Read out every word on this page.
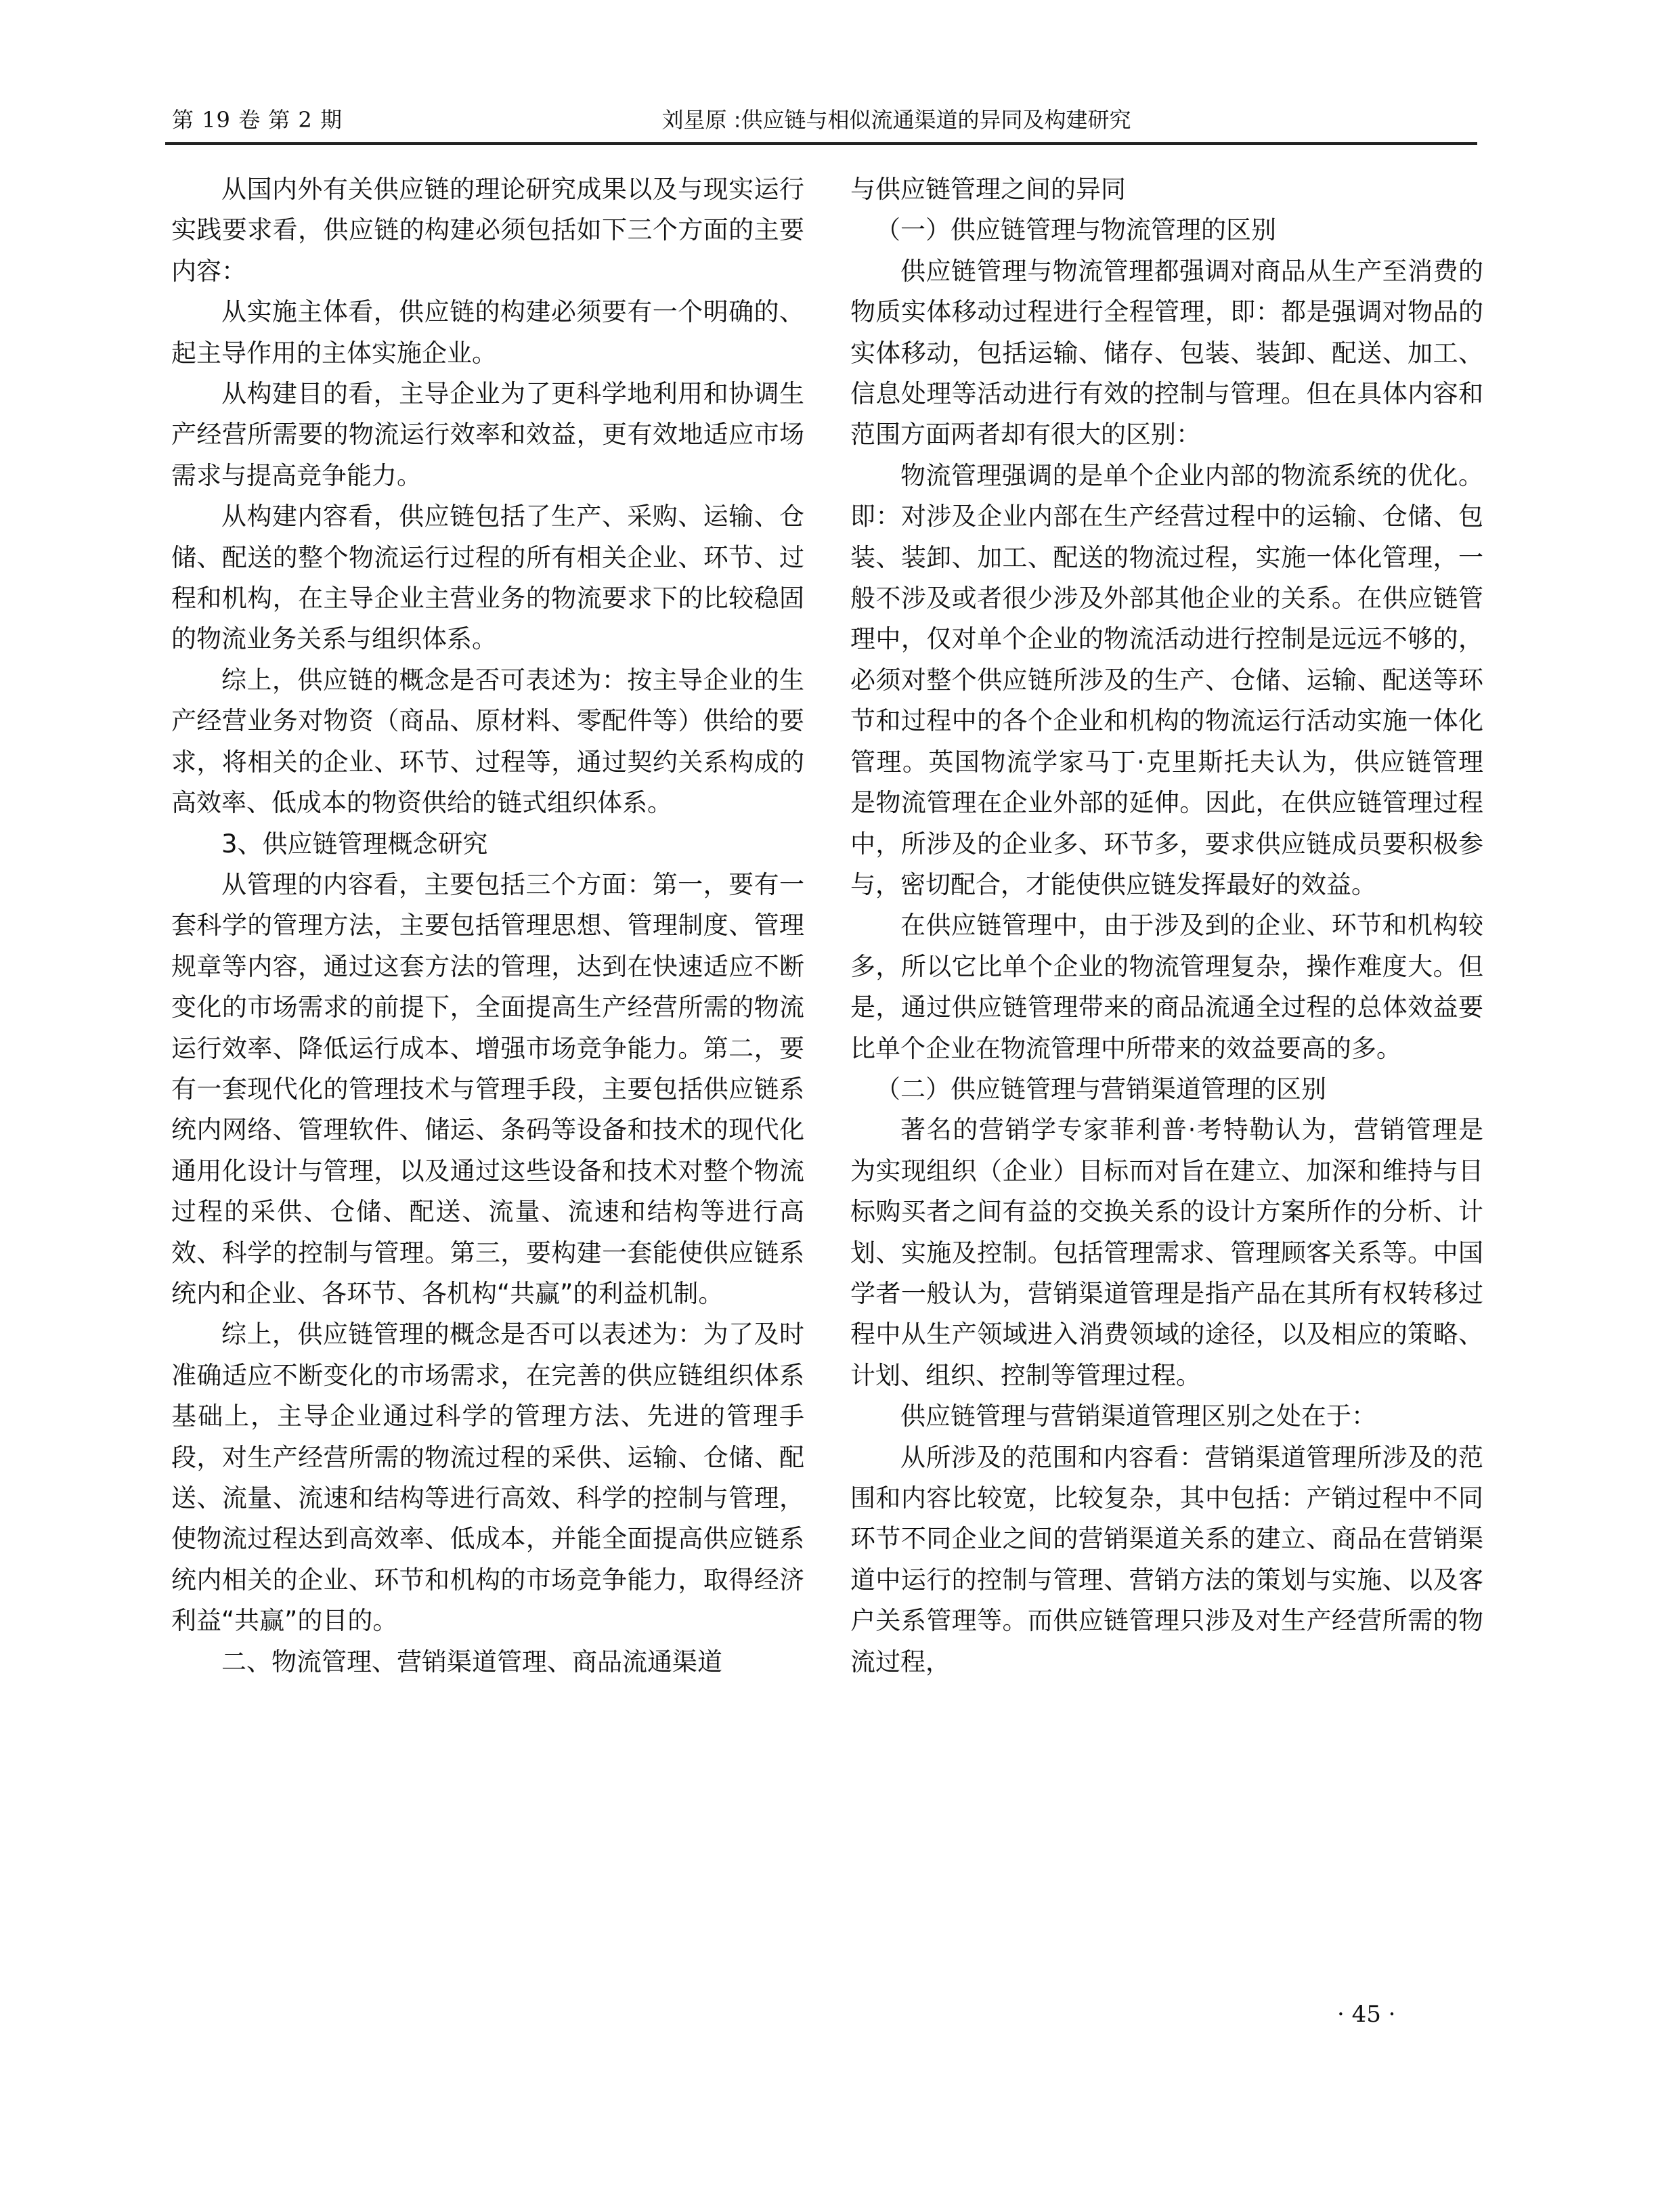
第 19 卷 第 2 期	刘星原 :供应链与相似流通渠道的异同及构建研究

从国内外有关供应链的理论研究成果以及与现实运行实践要求看，供应链的构建必须包括如下三个方面的主要内容：

从实施主体看，供应链的构建必须要有一个明确的、起主导作用的主体实施企业。

从构建目的看，主导企业为了更科学地利用和协调生产经营所需要的物流运行效率和效益，更有效地适应市场需求与提高竞争能力。

从构建内容看，供应链包括了生产、采购、运输、仓储、配送的整个物流运行过程的所有相关企业、环节、过程和机构，在主导企业主营业务的物流要求下的比较稳固的物流业务关系与组织体系。

综上，供应链的概念是否可表述为：按主导企业的生产经营业务对物资（商品、原材料、零配件等）供给的要求，将相关的企业、环节、过程等，通过契约关系构成的高效率、低成本的物资供给的链式组织体系。

3、供应链管理概念研究

从管理的内容看，主要包括三个方面：第一，要有一套科学的管理方法，主要包括管理思想、管理制度、管理规章等内容，通过这套方法的管理，达到在快速适应不断变化的市场需求的前提下，全面提高生产经营所需的物流运行效率、降低运行成本、增强市场竞争能力。第二，要有一套现代化的管理技术与管理手段，主要包括供应链系统内网络、管理软件、储运、条码等设备和技术的现代化通用化设计与管理，以及通过这些设备和技术对整个物流过程的采供、仓储、配送、流量、流速和结构等进行高效、科学的控制与管理。第三，要构建一套能使供应链系统内和企业、各环节、各机构“共赢”的利益机制。

综上，供应链管理的概念是否可以表述为：为了及时准确适应不断变化的市场需求，在完善的供应链组织体系基础上，主导企业通过科学的管理方法、先进的管理手段，对生产经营所需的物流过程的采供、运输、仓储、配送、流量、流速和结构等进行高效、科学的控制与管理，使物流过程达到高效率、低成本，并能全面提高供应链系统内相关的企业、环节和机构的市场竞争能力，取得经济利益“共赢”的目的。

二、物流管理、营销渠道管理、商品流通渠道

与供应链管理之间的异同

（一）供应链管理与物流管理的区别

供应链管理与物流管理都强调对商品从生产至消费的物质实体移动过程进行全程管理，即：都是强调对物品的实体移动，包括运输、储存、包装、装卸、配送、加工、信息处理等活动进行有效的控制与管理。但在具体内容和范围方面两者却有很大的区别：

物流管理强调的是单个企业内部的物流系统的优化。即：对涉及企业内部在生产经营过程中的运输、仓储、包装、装卸、加工、配送的物流过程，实施一体化管理，一般不涉及或者很少涉及外部其他企业的关系。在供应链管理中，仅对单个企业的物流活动进行控制是远远不够的，必须对整个供应链所涉及的生产、仓储、运输、配送等环节和过程中的各个企业和机构的物流运行活动实施一体化管理。英国物流学家马丁·克里斯托夫认为，供应链管理是物流管理在企业外部的延伸。因此，在供应链管理过程中，所涉及的企业多、环节多，要求供应链成员要积极参与，密切配合，才能使供应链发挥最好的效益。

在供应链管理中，由于涉及到的企业、环节和机构较多，所以它比单个企业的物流管理复杂，操作难度大。但是，通过供应链管理带来的商品流通全过程的总体效益要比单个企业在物流管理中所带来的效益要高的多。

（二）供应链管理与营销渠道管理的区别

著名的营销学专家菲利普·考特勒认为，营销管理是为实现组织（企业）目标而对旨在建立、加深和维持与目标购买者之间有益的交换关系的设计方案所作的分析、计划、实施及控制。包括管理需求、管理顾客关系等。中国学者一般认为，营销渠道管理是指产品在其所有权转移过程中从生产领域进入消费领域的途径，以及相应的策略、计划、组织、控制等管理过程。

供应链管理与营销渠道管理区别之处在于：

从所涉及的范围和内容看：营销渠道管理所涉及的范围和内容比较宽，比较复杂，其中包括：产销过程中不同环节不同企业之间的营销渠道关系的建立、商品在营销渠道中运行的控制与管理、营销方法的策划与实施、以及客户关系管理等。而供应链管理只涉及对生产经营所需的物流过程，

· 45 ·
